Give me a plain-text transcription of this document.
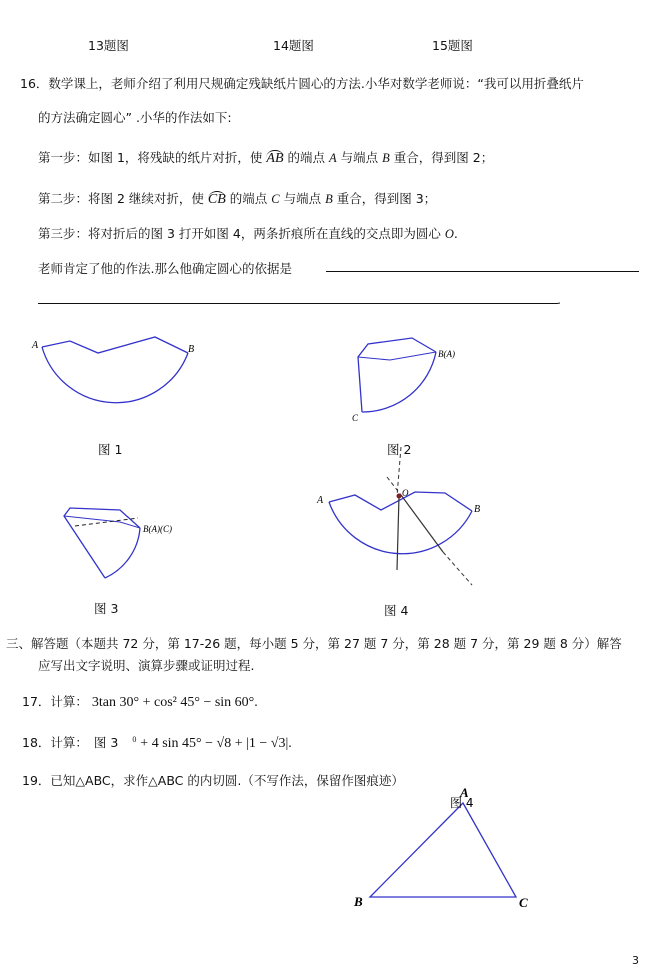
13题图	14题图	15题图
16．数学课上，老师介绍了利用尺规确定残缺纸片圆心的方法.小华对数学老师说：“我可以用折叠纸片
的方法确定圆心” .小华的作法如下:
第一步：如图 1，将残缺的纸片对折，使 AB 的端点 A 与端点 B 重合，得到图 2；
第二步：将图 2 继续对折，使 CB 的端点 C 与端点 B 重合，得到图 3；
第三步：将对折后的图 3 打开如图 4，两条折痕所在直线的交点即为圆心 O.
老师肯定了他的作法.那么他确定圆心的依据是
.
A	B
图 1
B(A)
C
图 2
B(A)(C)
图 3
O
A
B
图 4
三、解答题（本题共 72 分，第 17-26 题，每小题 5 分，第 27 题 7 分，第 28 题 7 分，第 29 题 8 分）解答
应写出文字说明、演算步骤或证明过程.
17．计算： 3tan 30° + cos² 45° − sin 60°.
18．计算： 图 3 $^0$ + 4 sin 45° − √8 + |1 − √3|.
19．已知△ABC，求作△ABC 的内切圆.（不写作法，保留作图痕迹）
图 4
A
B	C
3
